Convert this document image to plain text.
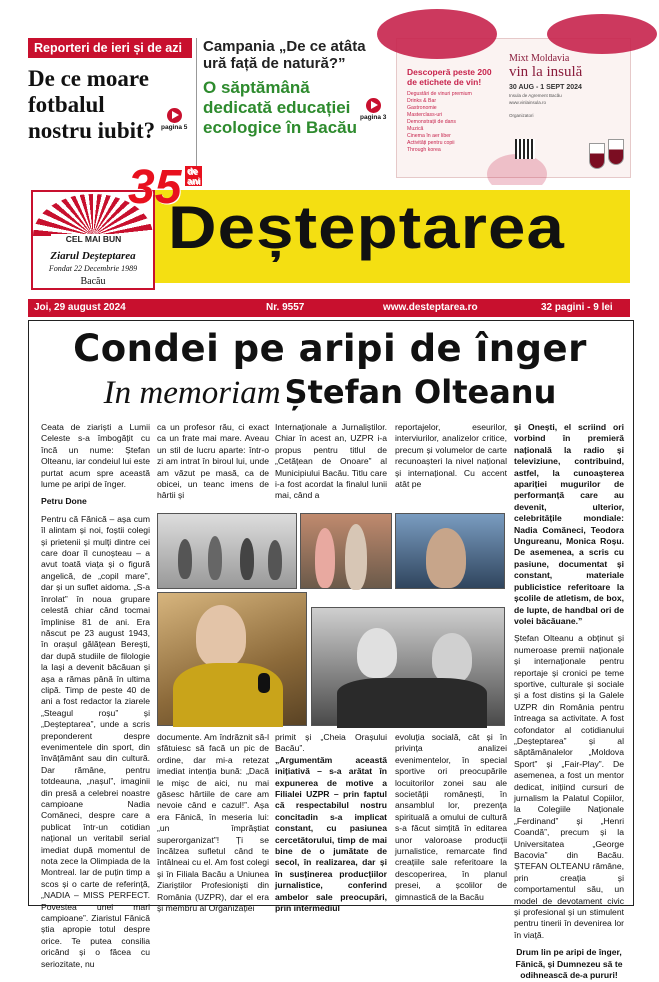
Reporteri de ieri și de azi
De ce moare fotbalul nostru iubit? pagina 5
Campania „De ce atâta ură față de natură?”
O săptămână dedicată educației ecologice în Bacău
pagina 3
Descoperă peste 200 de etichete de vin!
Degustări de vinuri premium
Drinks & Bar
Gastronomie
Masterclass-uri
Demonstrații de dans
Muzică
Cinema în aer liber
Activități pentru copii
Through korea
Mixt Moldavia
vin la insulă
30 AUG - 1 SEPT 2024
Insula de Agrement Bacău
www.vinlainsula.ro
Organizatori
Deșteptarea
CEL MAI BUN
Ziarul Deșteptarea
Fondat 22 Decembrie 1989
Bacău
35 de ani
Joi, 29 august 2024	Nr. 9557	www.desteptarea.ro	32 pagini - 9 lei
Condei pe aripi de înger
In memoriam Ștefan Olteanu

Ceata de ziariști a Lumii Celeste s-a îmbogățit cu încă un nume: Ștefan Olteanu, iar condeiul lui este purtat acum spre această lume pe aripi de înger.

Petru Done

Pentru că Fănică – așa cum îl alintam și noi, foștii colegi și prietenii și mulți dintre cei care doar îl cunoșteau – a avut toată viața și o figură angelică, de „copil mare”, dar și un suflet aidoma. „S-a înrolat” în noua grupare celestă chiar când tocmai împlinise 81 de ani. Era născut pe 23 august 1943, în orașul gălățean Berești, dar după studiile de filologie la Iași a devenit băcăuan și așa a rămas până în ultima clipă. Timp de peste 40 de ani a fost redactor la ziarele „Steagul roșu” și „Deșteptarea”, unde a scris preponderent despre evenimentele din sport, din învățământ sau din cultură. Dar rămâne, pentru totdeauna, „nașul”, imaginii din presă a celebrei noastre campioane Nadia Comăneci, despre care a publicat într-un cotidian național un veritabil serial imediat după momentul de nota zece la Olimpiada de la Montreal. Iar de puțin timp a scos și o carte de referință, „NADIA – MISS PERFECT. Povestea unei mari campioane”. Ziaristul Fănică știa apropie totul despre orice. Te putea consilia oricând și o făcea cu seriozitate, nu

ca un profesor rău, ci exact ca un frate mai mare. Aveau un stil de lucru aparte: într-o zi am intrat în biroul lui, unde am văzut pe masă, ca de obicei, un teanc imens de hârtii și

Internaționale a Jurnaliștilor. Chiar în acest an, UZPR i-a propus pentru titlul de „Cetățean de Onoare” al Municipiului Bacău. Titlu care i-a fost acordat la finalul lunii mai, când a

reportajelor, eseurilor, interviurilor, analizelor critice, precum și volumelor de carte recunoașteri la nivel național și internațional. Cu accent atât pe

documente. Am îndrăznit să-l sfătuiesc să facă un pic de ordine, dar mi-a retezat imediat intenția bună: „Dacă le mișc de aici, nu mai găsesc hârtiile de care am nevoie când e cazul!”. Așa era Fănică, în meseria lui: „un împrăștiat superorganizat”! Ți se încălzea sufletul când te întâlneai cu el. Am fost colegi și în Filiala Bacău a Uniunea Ziariștilor Profesioniști din România (UZPR), dar el era și membru al Organizației

primit și „Cheia Orașului Bacău”.

„Argumentăm această inițiativă – s-a arătat în expunerea de motive a Filialei UZPR – prin faptul că respectabilul nostru concitadin s-a implicat constant, cu pasiunea cercetătorului, timp de mai bine de o jumătate de secol, în realizarea, dar și în susținerea producțiilor jurnalistice, conferind ambelor sale preocupări, prin intermediul

evoluția socială, cât și în privința analizei evenimentelor, în special sportive ori preocupările locuitorilor zonei sau ale societății românești, în ansamblul lor, prezența spirituală a omului de cultură s-a făcut simțită în editarea unor valoroase producții jurnalistice, remarcate find creațiile sale referitoare la descoperirea, în planul presei, a școlilor de gimnastică de la Bacău

și Onești, el scriind ori vorbind în premieră națională la radio și televiziune, contribuind, astfel, la cunoașterea apariției mugurilor de performanță care au devenit, ulterior, celebritățile mondiale: Nadia Comăneci, Teodora Ungureanu, Monica Roșu. De asemenea, a scris cu pasiune, documentat și constant, materiale publicistice referitoare la școlile de atletism, de box, de lupte, de handbal ori de volei băcăuane.”

Ștefan Olteanu a obținut și numeroase premii naționale și internaționale pentru reportaje și cronici pe teme sportive, culturale și sociale și a fost distins și la Galele UZPR din România pentru întreaga sa activitate. A fost cofondator al cotidianului „Deșteptarea” și al săptămânalelor „Moldova Sport” și „Fair-Play”. De asemenea, a fost un mentor dedicat, inițiind cursuri de jurnalism la Palatul Copiilor, la Colegiile Naționale „Ferdinand” și „Henri Coandă”, precum și la Universitatea „George Bacovia” din Bacău. ȘTEFAN OLTEANU rămâne, prin creația și comportamentul său, un model de devotament civic și profesional și un stimulent pentru tinerii în devenirea lor în viață.

Drum lin pe aripi de înger, Fănică, și Dumnezeu să te odihnească de-a pururi!
